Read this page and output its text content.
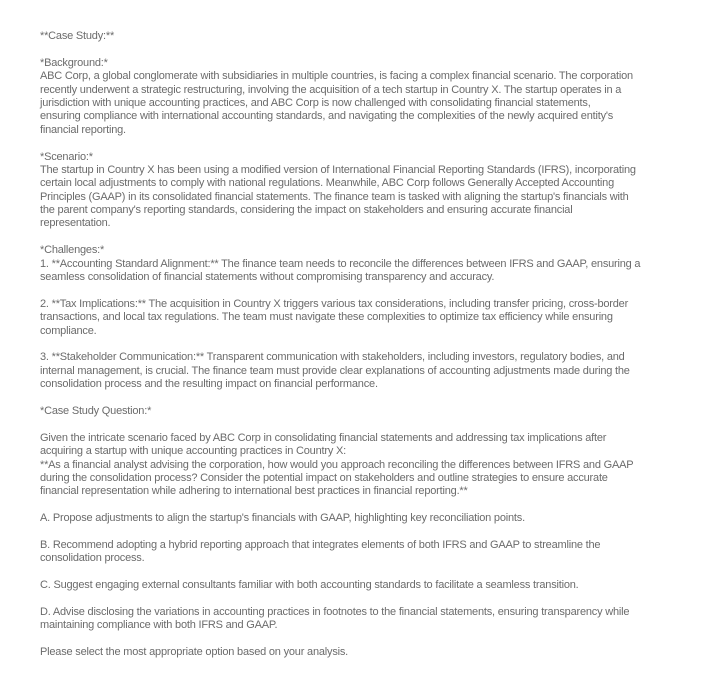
**Case Study:**
*Background:*
ABC Corp, a global conglomerate with subsidiaries in multiple countries, is facing a complex financial scenario. The corporation
recently underwent a strategic restructuring, involving the acquisition of a tech startup in Country X. The startup operates in a
jurisdiction with unique accounting practices, and ABC Corp is now challenged with consolidating financial statements,
ensuring compliance with international accounting standards, and navigating the complexities of the newly acquired entity's
financial reporting.
*Scenario:*
The startup in Country X has been using a modified version of International Financial Reporting Standards (IFRS), incorporating
certain local adjustments to comply with national regulations. Meanwhile, ABC Corp follows Generally Accepted Accounting
Principles (GAAP) in its consolidated financial statements. The finance team is tasked with aligning the startup's financials with
the parent company's reporting standards, considering the impact on stakeholders and ensuring accurate financial
representation.
*Challenges:*
1. **Accounting Standard Alignment:** The finance team needs to reconcile the differences between IFRS and GAAP, ensuring a
seamless consolidation of financial statements without compromising transparency and accuracy.
2. **Tax Implications:** The acquisition in Country X triggers various tax considerations, including transfer pricing, cross-border
transactions, and local tax regulations. The team must navigate these complexities to optimize tax efficiency while ensuring
compliance.
3. **Stakeholder Communication:** Transparent communication with stakeholders, including investors, regulatory bodies, and
internal management, is crucial. The finance team must provide clear explanations of accounting adjustments made during the
consolidation process and the resulting impact on financial performance.
*Case Study Question:*
Given the intricate scenario faced by ABC Corp in consolidating financial statements and addressing tax implications after
acquiring a startup with unique accounting practices in Country X:
**As a financial analyst advising the corporation, how would you approach reconciling the differences between IFRS and GAAP
during the consolidation process? Consider the potential impact on stakeholders and outline strategies to ensure accurate
financial representation while adhering to international best practices in financial reporting.**
A. Propose adjustments to align the startup's financials with GAAP, highlighting key reconciliation points.
B. Recommend adopting a hybrid reporting approach that integrates elements of both IFRS and GAAP to streamline the
consolidation process.
C. Suggest engaging external consultants familiar with both accounting standards to facilitate a seamless transition.
D. Advise disclosing the variations in accounting practices in footnotes to the financial statements, ensuring transparency while
maintaining compliance with both IFRS and GAAP.
Please select the most appropriate option based on your analysis.
